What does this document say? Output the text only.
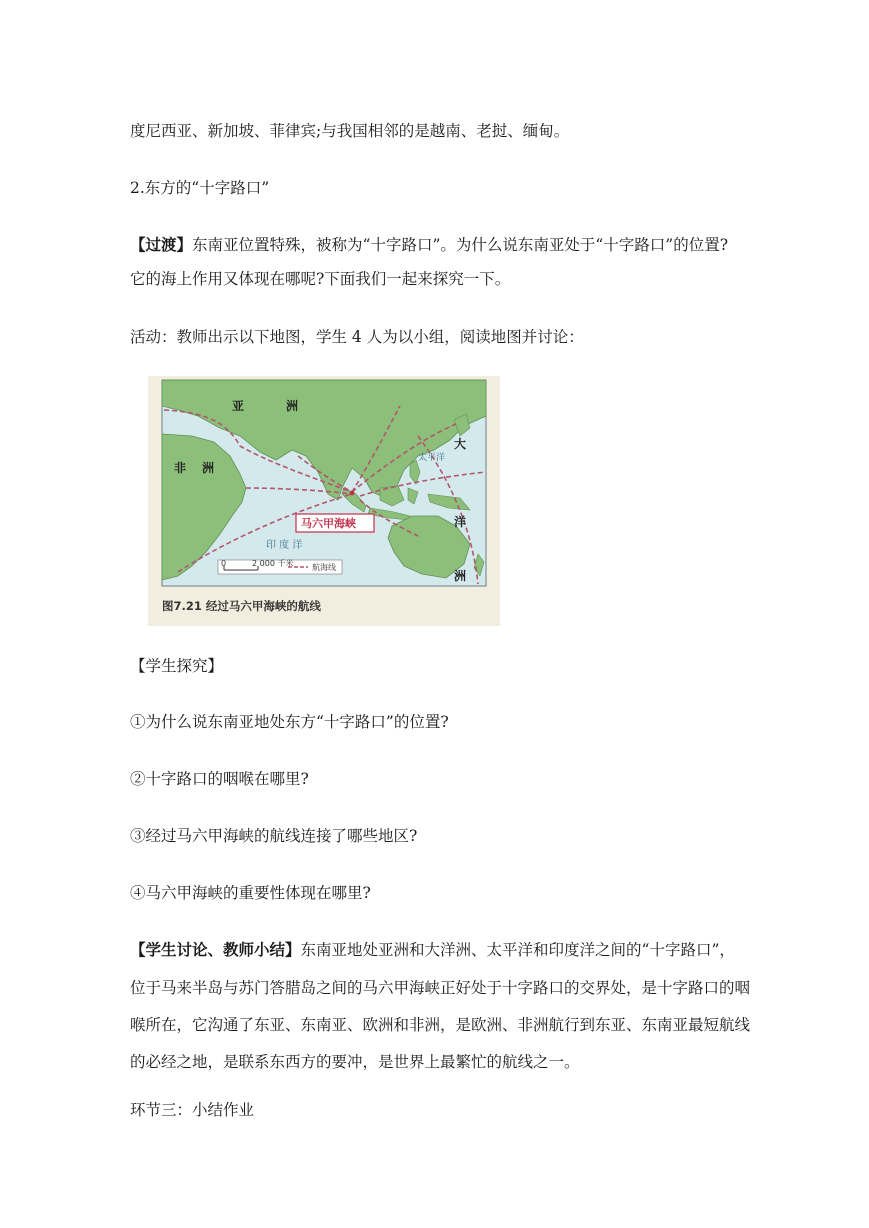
度尼西亚、新加坡、菲律宾;与我国相邻的是越南、老挝、缅甸。

2.东方的“十字路口”

【过渡】东南亚位置特殊，被称为“十字路口”。为什么说东南亚处于“十字路口”的位置?

它的海上作用又体现在哪呢?下面我们一起来探究一下。

活动：教师出示以下地图，学生 4 人为以小组，阅读地图并讨论：

亚	洲
非 洲
太平洋
大
洋
洲
印 度 洋
马六甲海峡
0	2 000 千米 航海线
图7.21 经过马六甲海峡的航线

【学生探究】

①为什么说东南亚地处东方“十字路口”的位置?

②十字路口的咽喉在哪里?

③经过马六甲海峡的航线连接了哪些地区?

④马六甲海峡的重要性体现在哪里?

【学生讨论、教师小结】东南亚地处亚洲和大洋洲、太平洋和印度洋之间的“十字路口”，

位于马来半岛与苏门答腊岛之间的马六甲海峡正好处于十字路口的交界处，是十字路口的咽

喉所在，它沟通了东亚、东南亚、欧洲和非洲，是欧洲、非洲航行到东亚、东南亚最短航线

的必经之地，是联系东西方的要冲，是世界上最繁忙的航线之一。

环节三：小结作业
